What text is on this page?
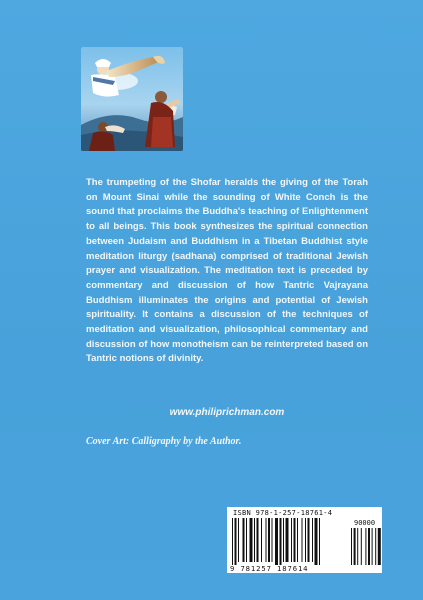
The trumpeting of the Shofar heralds the giving of the Torah on Mount Sinai while the sounding of White Conch is the sound that proclaims the Buddha's teaching of Enlightenment to all beings. This book synthesizes the spiritual connection between Judaism and Buddhism in a Tibetan Buddhist style meditation liturgy (sadhana) comprised of traditional Jewish prayer and visualization. The meditation text is preceded by commentary and discussion of how Tantric Vajrayana Buddhism illuminates the origins and potential of Jewish spirituality. It contains a discussion of the techniques of meditation and visualization, philosophical commentary and discussion of how monotheism can be reinterpreted based on Tantric notions of divinity.
www.philiprichman.com
Cover Art: Calligraphy by the Author.
ISBN 978-1-257-18761-4
90000
9 781257 187614
